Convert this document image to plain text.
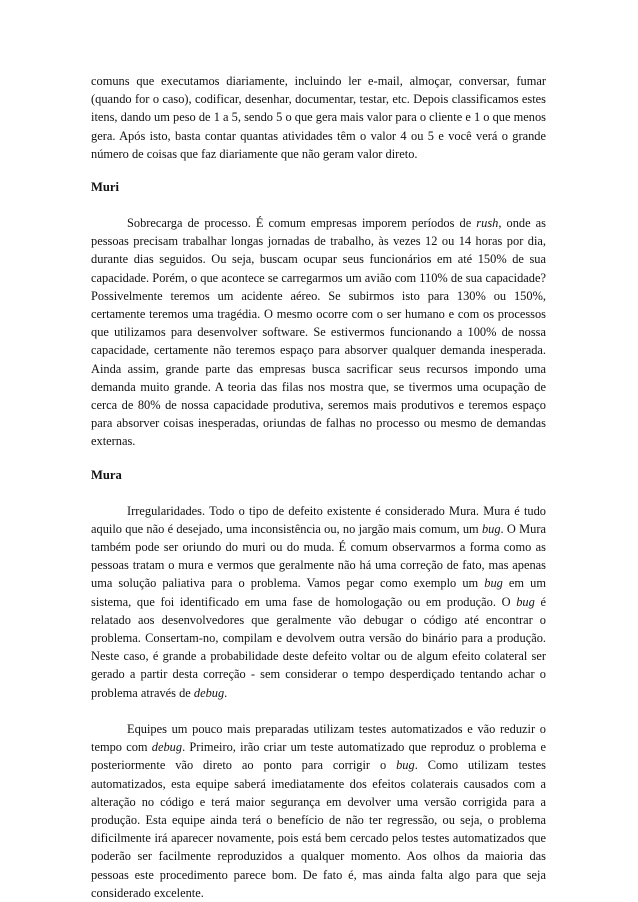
comuns que executamos diariamente, incluindo ler e-mail, almoçar, conversar, fumar (quando for o caso), codificar, desenhar, documentar, testar, etc. Depois classificamos estes itens, dando um peso de 1 a 5, sendo 5 o que gera mais valor para o cliente e 1 o que menos gera. Após isto, basta contar quantas atividades têm o valor 4 ou 5 e você verá o grande número de coisas que faz diariamente que não geram valor direto.

Muri

Sobrecarga de processo. É comum empresas imporem períodos de rush, onde as pessoas precisam trabalhar longas jornadas de trabalho, às vezes 12 ou 14 horas por dia, durante dias seguidos. Ou seja, buscam ocupar seus funcionários em até 150% de sua capacidade. Porém, o que acontece se carregarmos um avião com 110% de sua capacidade? Possivelmente teremos um acidente aéreo. Se subirmos isto para 130% ou 150%, certamente teremos uma tragédia. O mesmo ocorre com o ser humano e com os processos que utilizamos para desenvolver software. Se estivermos funcionando a 100% de nossa capacidade, certamente não teremos espaço para absorver qualquer demanda inesperada. Ainda assim, grande parte das empresas busca sacrificar seus recursos impondo uma demanda muito grande. A teoria das filas nos mostra que, se tivermos uma ocupação de cerca de 80% de nossa capacidade produtiva, seremos mais produtivos e teremos espaço para absorver coisas inesperadas, oriundas de falhas no processo ou mesmo de demandas externas.

Mura

Irregularidades. Todo o tipo de defeito existente é considerado Mura. Mura é tudo aquilo que não é desejado, uma inconsistência ou, no jargão mais comum, um bug. O Mura também pode ser oriundo do muri ou do muda. É comum observarmos a forma como as pessoas tratam o mura e vermos que geralmente não há uma correção de fato, mas apenas uma solução paliativa para o problema. Vamos pegar como exemplo um bug em um sistema, que foi identificado em uma fase de homologação ou em produção. O bug é relatado aos desenvolvedores que geralmente vão debugar o código até encontrar o problema. Consertam-no, compilam e devolvem outra versão do binário para a produção. Neste caso, é grande a probabilidade deste defeito voltar ou de algum efeito colateral ser gerado a partir desta correção - sem considerar o tempo desperdiçado tentando achar o problema através de debug.

Equipes um pouco mais preparadas utilizam testes automatizados e vão reduzir o tempo com debug. Primeiro, irão criar um teste automatizado que reproduz o problema e posteriormente vão direto ao ponto para corrigir o bug. Como utilizam testes automatizados, esta equipe saberá imediatamente dos efeitos colaterais causados com a alteração no código e terá maior segurança em devolver uma versão corrigida para a produção. Esta equipe ainda terá o benefício de não ter regressão, ou seja, o problema dificilmente irá aparecer novamente, pois está bem cercado pelos testes automatizados que poderão ser facilmente reproduzidos a qualquer momento. Aos olhos da maioria das pessoas este procedimento parece bom. De fato é, mas ainda falta algo para que seja considerado excelente.
